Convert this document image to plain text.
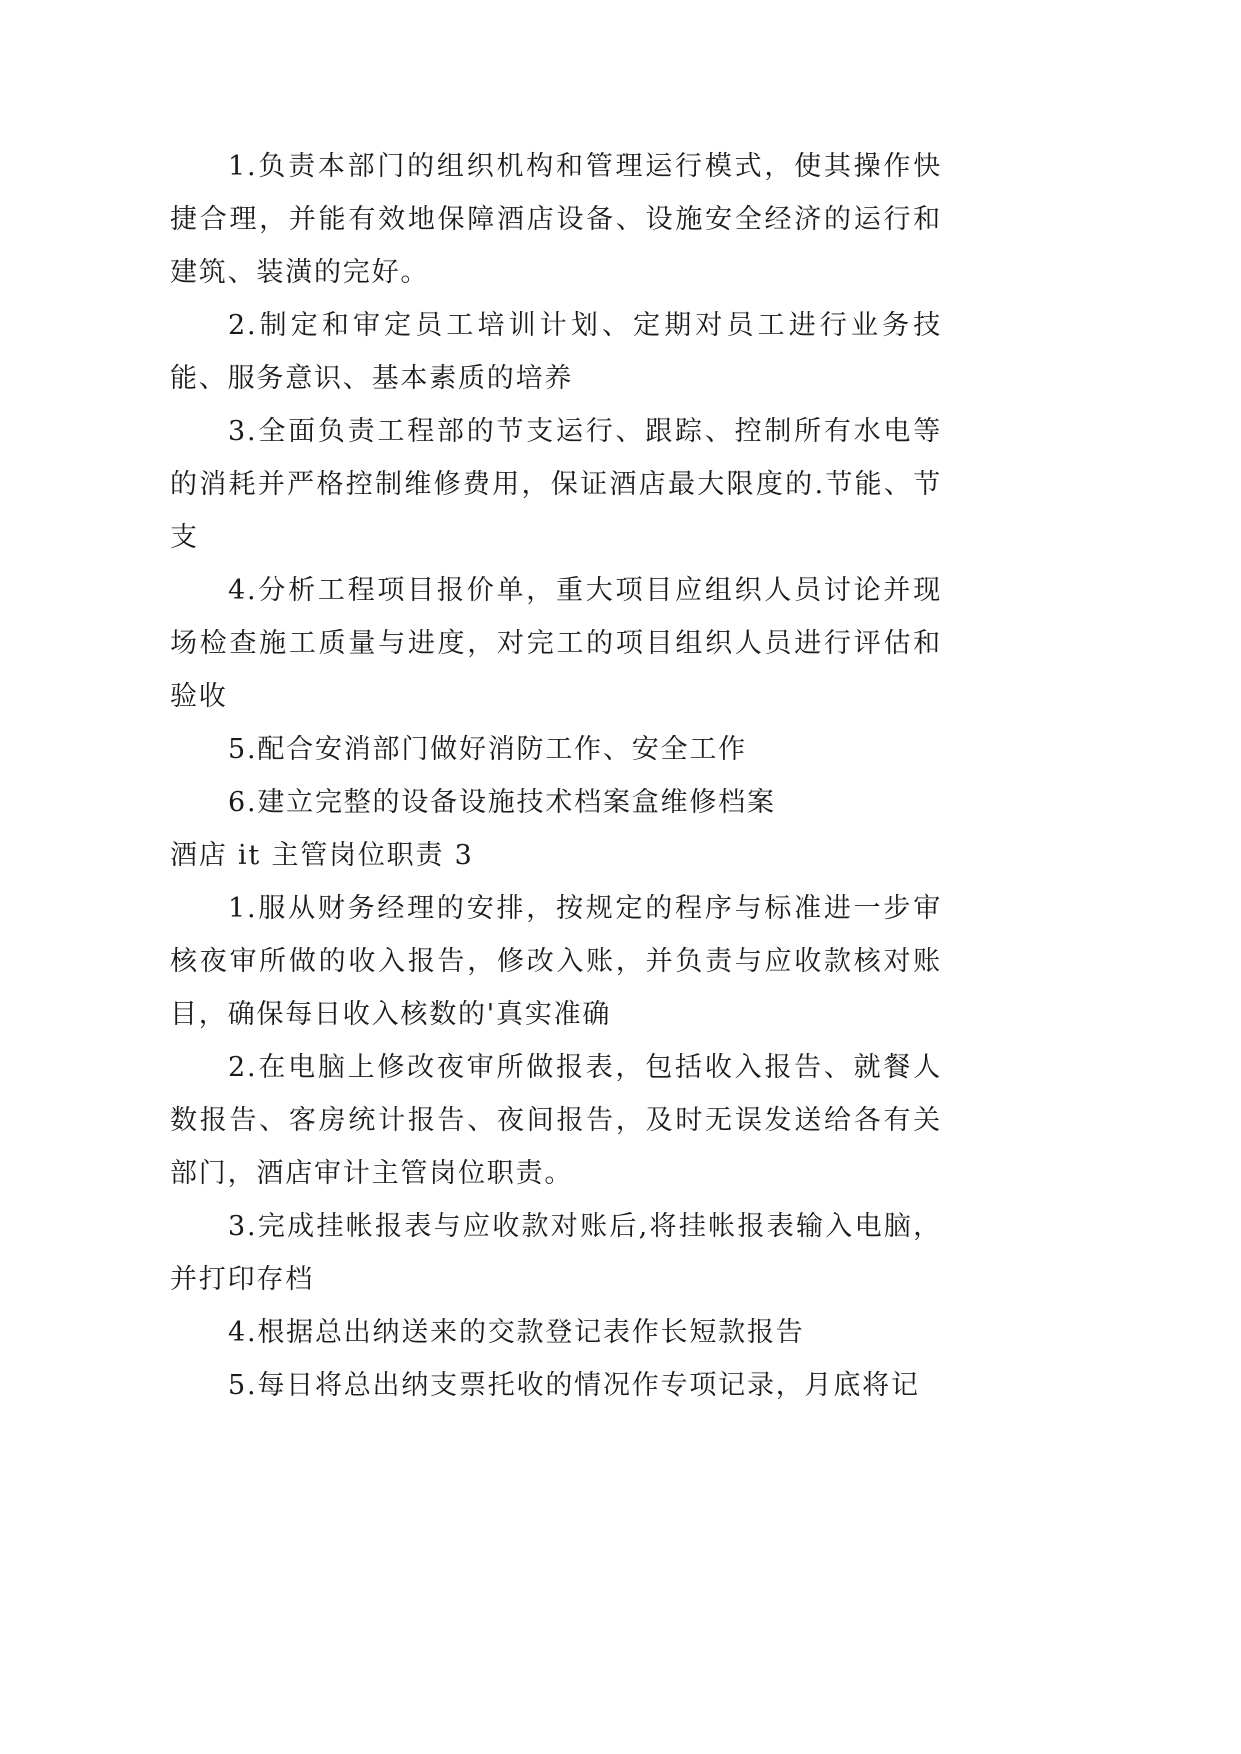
1.负责本部门的组织机构和管理运行模式，使其操作快捷合理，并能有效地保障酒店设备、设施安全经济的运行和建筑、装潢的完好。

2.制定和审定员工培训计划、定期对员工进行业务技能、服务意识、基本素质的培养

3.全面负责工程部的节支运行、跟踪、控制所有水电等的消耗并严格控制维修费用，保证酒店最大限度的.节能、节支

4.分析工程项目报价单，重大项目应组织人员讨论并现场检查施工质量与进度，对完工的项目组织人员进行评估和验收

5.配合安消部门做好消防工作、安全工作

6.建立完整的设备设施技术档案盒维修档案

酒店 it 主管岗位职责 3

1.服从财务经理的安排，按规定的程序与标准进一步审核夜审所做的收入报告，修改入账，并负责与应收款核对账目，确保每日收入核数的'真实准确

2.在电脑上修改夜审所做报表，包括收入报告、就餐人数报告、客房统计报告、夜间报告，及时无误发送给各有关部门，酒店审计主管岗位职责。

3.完成挂帐报表与应收款对账后,将挂帐报表输入电脑，并打印存档

4.根据总出纳送来的交款登记表作长短款报告

5.每日将总出纳支票托收的情况作专项记录，月底将记
